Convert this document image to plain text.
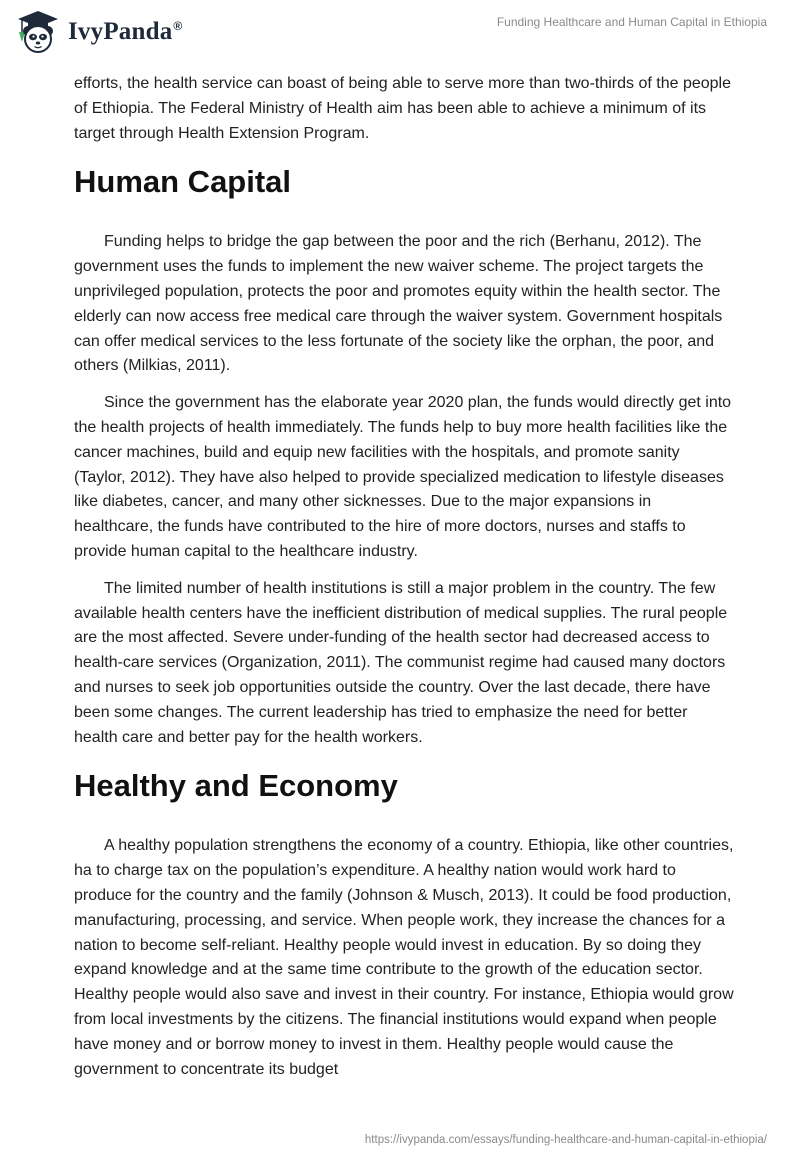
IvyPanda®	Funding Healthcare and Human Capital in Ethiopia

efforts, the health service can boast of being able to serve more than two-thirds of the people of Ethiopia. The Federal Ministry of Health aim has been able to achieve a minimum of its target through Health Extension Program.

Human Capital

Funding helps to bridge the gap between the poor and the rich (Berhanu, 2012). The government uses the funds to implement the new waiver scheme. The project targets the unprivileged population, protects the poor and promotes equity within the health sector. The elderly can now access free medical care through the waiver system. Government hospitals can offer medical services to the less fortunate of the society like the orphan, the poor, and others (Milkias, 2011).

Since the government has the elaborate year 2020 plan, the funds would directly get into the health projects of health immediately. The funds help to buy more health facilities like the cancer machines, build and equip new facilities with the hospitals, and promote sanity (Taylor, 2012). They have also helped to provide specialized medication to lifestyle diseases like diabetes, cancer, and many other sicknesses. Due to the major expansions in healthcare, the funds have contributed to the hire of more doctors, nurses and staffs to provide human capital to the healthcare industry.

The limited number of health institutions is still a major problem in the country. The few available health centers have the inefficient distribution of medical supplies. The rural people are the most affected. Severe under-funding of the health sector had decreased access to health-care services (Organization, 2011). The communist regime had caused many doctors and nurses to seek job opportunities outside the country. Over the last decade, there have been some changes. The current leadership has tried to emphasize the need for better health care and better pay for the health workers.

Healthy and Economy

A healthy population strengthens the economy of a country. Ethiopia, like other countries, ha to charge tax on the population’s expenditure. A healthy nation would work hard to produce for the country and the family (Johnson & Musch, 2013). It could be food production, manufacturing, processing, and service. When people work, they increase the chances for a nation to become self-reliant. Healthy people would invest in education. By so doing they expand knowledge and at the same time contribute to the growth of the education sector. Healthy people would also save and invest in their country. For instance, Ethiopia would grow from local investments by the citizens. The financial institutions would expand when people have money and or borrow money to invest in them. Healthy people would cause the government to concentrate its budget

https://ivypanda.com/essays/funding-healthcare-and-human-capital-in-ethiopia/
